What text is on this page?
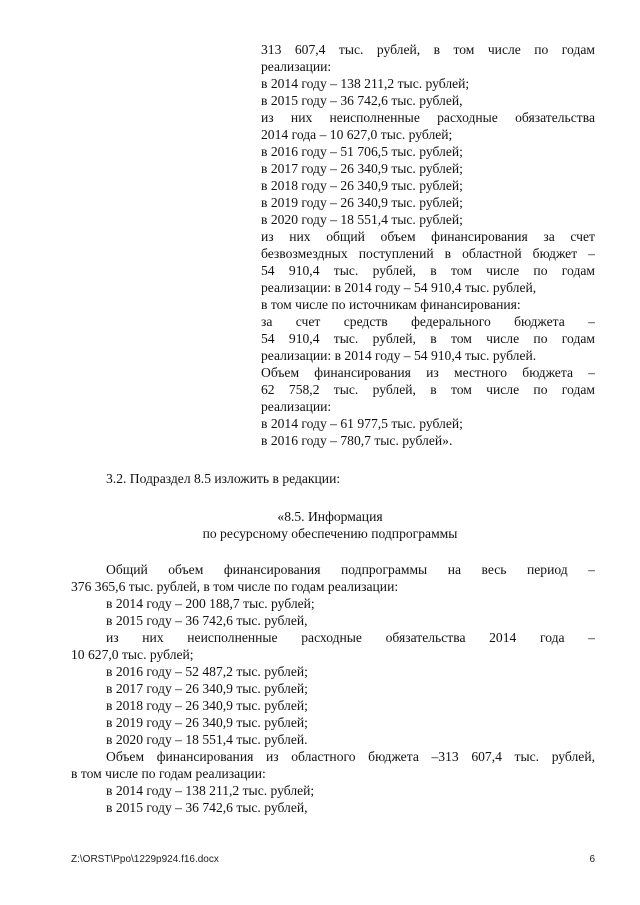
313 607,4 тыс. рублей, в том числе по годам
реализации:
в 2014 году – 138 211,2 тыс. рублей;
в 2015 году – 36 742,6 тыс. рублей,
из них неисполненные расходные обязательства
2014 года – 10 627,0 тыс. рублей;
в 2016 году – 51 706,5 тыс. рублей;
в 2017 году – 26 340,9 тыс. рублей;
в 2018 году – 26 340,9 тыс. рублей;
в 2019 году – 26 340,9 тыс. рублей;
в 2020 году – 18 551,4 тыс. рублей;
из них общий объем финансирования за счет
безвозмездных поступлений в областной бюджет –
54 910,4 тыс. рублей, в том числе по годам
реализации: в 2014 году – 54 910,4 тыс. рублей,
в том числе по источникам финансирования:
за счет средств федерального бюджета –
54 910,4 тыс. рублей, в том числе по годам
реализации: в 2014 году – 54 910,4 тыс. рублей.
Объем финансирования из местного бюджета –
62 758,2 тыс. рублей, в том числе по годам
реализации:
в 2014 году – 61 977,5 тыс. рублей;
в 2016 году – 780,7 тыс. рублей».
3.2. Подраздел 8.5 изложить в редакции:
«8.5. Информация
по ресурсному обеспечению подпрограммы
Общий объем финансирования подпрограммы на весь период –
376 365,6 тыс. рублей, в том числе по годам реализации:
в 2014 году – 200 188,7 тыс. рублей;
в 2015 году – 36 742,6 тыс. рублей,
из них неисполненные расходные обязательства 2014 года –
10 627,0 тыс. рублей;
в 2016 году – 52 487,2 тыс. рублей;
в 2017 году – 26 340,9 тыс. рублей;
в 2018 году – 26 340,9 тыс. рублей;
в 2019 году – 26 340,9 тыс. рублей;
в 2020 году – 18 551,4 тыс. рублей.
Объем финансирования из областного бюджета –313 607,4 тыс. рублей,
в том числе по годам реализации:
в 2014 году – 138 211,2 тыс. рублей;
в 2015 году – 36 742,6 тыс. рублей,
Z:\ORST\Ppo\1229p924.f16.docx	6
